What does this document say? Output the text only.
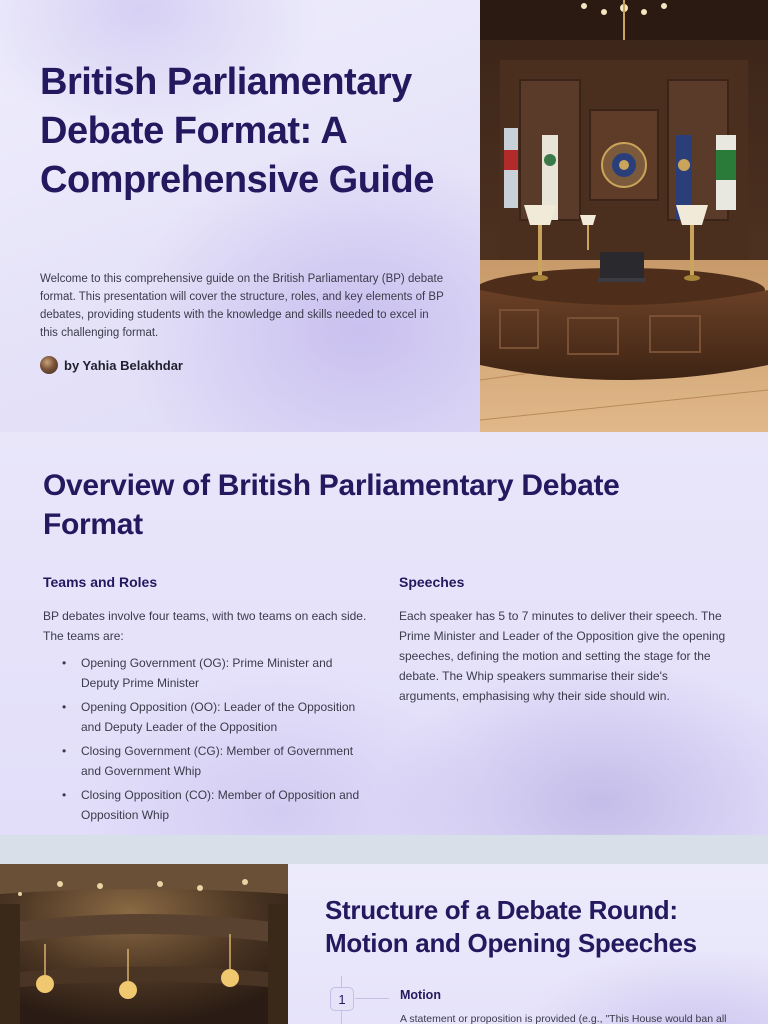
British Parliamentary Debate Format: A Comprehensive Guide

Welcome to this comprehensive guide on the British Parliamentary (BP) debate format. This presentation will cover the structure, roles, and key elements of BP debates, providing students with the knowledge and skills needed to excel in this challenging format.

by Yahia Belakhdar
Overview of British Parliamentary Debate Format
Teams and Roles

BP debates involve four teams, with two teams on each side. The teams are:

• Opening Government (OG): Prime Minister and Deputy Prime Minister
• Opening Opposition (OO): Leader of the Opposition and Deputy Leader of the Opposition
• Closing Government (CG): Member of Government and Government Whip
• Closing Opposition (CO): Member of Opposition and Opposition Whip
Speeches

Each speaker has 5 to 7 minutes to deliver their speech. The Prime Minister and Leader of the Opposition give the opening speeches, defining the motion and setting the stage for the debate. The Whip speakers summarise their side's arguments, emphasising why their side should win.

Structure of a Debate Round: Motion and Opening Speeches
1	Motion

A statement or proposition is provided (e.g., "This House would ban all
